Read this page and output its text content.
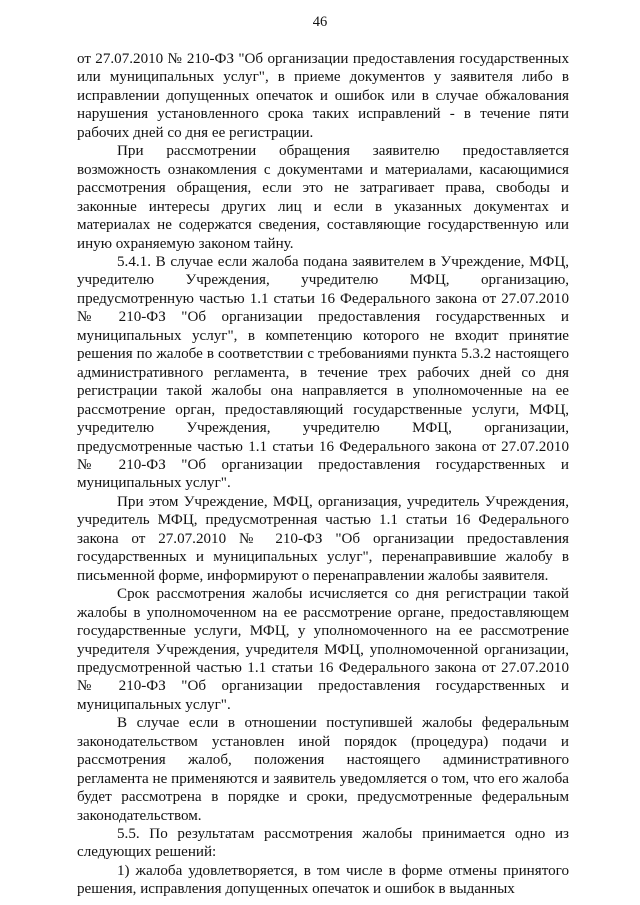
46

от 27.07.2010 № 210-ФЗ "Об организации предоставления государственных или муниципальных услуг", в приеме документов у заявителя либо в исправлении допущенных опечаток и ошибок или в случае обжалования нарушения установленного срока таких исправлений - в течение пяти рабочих дней со дня ее регистрации.

При рассмотрении обращения заявителю предоставляется возможность ознакомления с документами и материалами, касающимися рассмотрения обращения, если это не затрагивает права, свободы и законные интересы других лиц и если в указанных документах и материалах не содержатся сведения, составляющие государственную или иную охраняемую законом тайну.

5.4.1. В случае если жалоба подана заявителем в Учреждение, МФЦ, учредителю Учреждения, учредителю МФЦ, организацию, предусмотренную частью 1.1 статьи 16 Федерального закона от 27.07.2010 № 210-ФЗ "Об организации предоставления государственных и муниципальных услуг", в компетенцию которого не входит принятие решения по жалобе в соответствии с требованиями пункта 5.3.2 настоящего административного регламента, в течение трех рабочих дней со дня регистрации такой жалобы она направляется в уполномоченные на ее рассмотрение орган, предоставляющий государственные услуги, МФЦ, учредителю Учреждения, учредителю МФЦ, организации, предусмотренные частью 1.1 статьи 16 Федерального закона от 27.07.2010 № 210-ФЗ "Об организации предоставления государственных и муниципальных услуг".

При этом Учреждение, МФЦ, организация, учредитель Учреждения, учредитель МФЦ, предусмотренная частью 1.1 статьи 16 Федерального закона от 27.07.2010 № 210-ФЗ "Об организации предоставления государственных и муниципальных услуг", перенаправившие жалобу в письменной форме, информируют о перенаправлении жалобы заявителя.

Срок рассмотрения жалобы исчисляется со дня регистрации такой жалобы в уполномоченном на ее рассмотрение органе, предоставляющем государственные услуги, МФЦ, у уполномоченного на ее рассмотрение учредителя Учреждения, учредителя МФЦ, уполномоченной организации, предусмотренной частью 1.1 статьи 16 Федерального закона от 27.07.2010 № 210-ФЗ "Об организации предоставления государственных и муниципальных услуг".

В случае если в отношении поступившей жалобы федеральным законодательством установлен иной порядок (процедура) подачи и рассмотрения жалоб, положения настоящего административного регламента не применяются и заявитель уведомляется о том, что его жалоба будет рассмотрена в порядке и сроки, предусмотренные федеральным законодательством.

5.5. По результатам рассмотрения жалобы принимается одно из следующих решений:

1) жалоба удовлетворяется, в том числе в форме отмены принятого решения, исправления допущенных опечаток и ошибок в выданных
